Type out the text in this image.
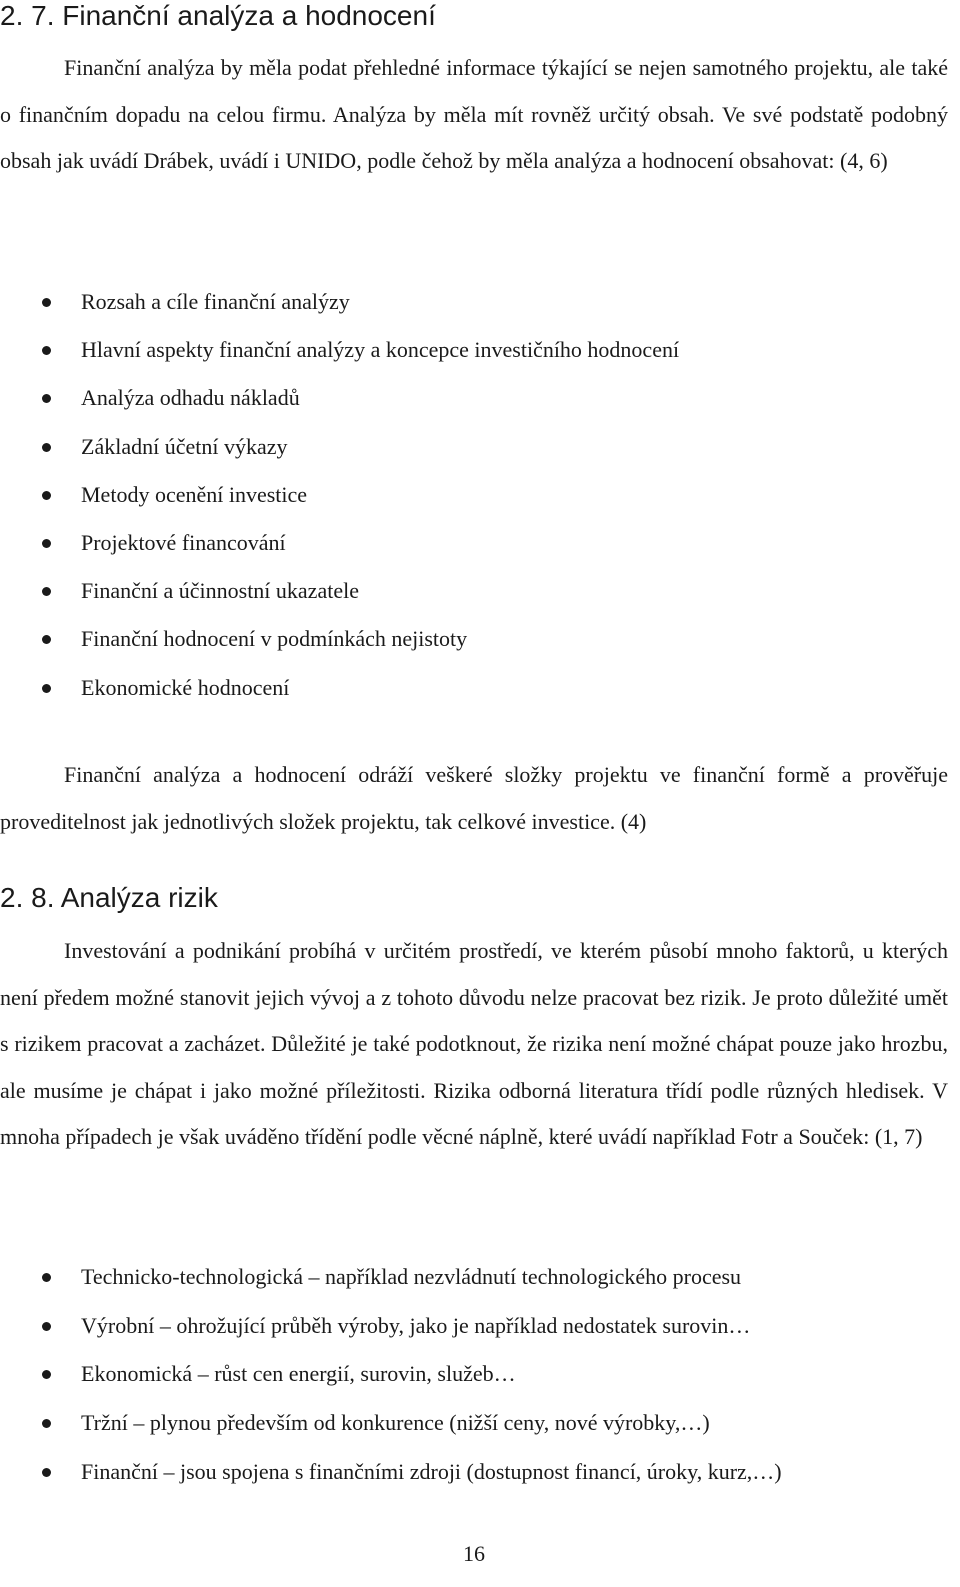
2. 7. Finanční analýza a hodnocení

Finanční analýza by měla podat přehledné informace týkající se nejen samotného projektu, ale také o finančním dopadu na celou firmu. Analýza by měla mít rovněž určitý obsah. Ve své podstatě podobný obsah jak uvádí Drábek, uvádí i UNIDO, podle čehož by měla analýza a hodnocení obsahovat: (4, 6)

Rozsah a cíle finanční analýzy
Hlavní aspekty finanční analýzy a koncepce investičního hodnocení
Analýza odhadu nákladů
Základní účetní výkazy
Metody ocenění investice
Projektové financování
Finanční a účinnostní ukazatele
Finanční hodnocení v podmínkách nejistoty
Ekonomické hodnocení

Finanční analýza a hodnocení odráží veškeré složky projektu ve finanční formě a prověřuje proveditelnost jak jednotlivých složek projektu, tak celkové investice. (4)

2. 8. Analýza rizik

Investování a podnikání probíhá v určitém prostředí, ve kterém působí mnoho faktorů, u kterých není předem možné stanovit jejich vývoj a z tohoto důvodu nelze pracovat bez rizik. Je proto důležité umět s rizikem pracovat a zacházet. Důležité je také podotknout, že rizika není možné chápat pouze jako hrozbu, ale musíme je chápat i jako možné příležitosti. Rizika odborná literatura třídí podle různých hledisek. V mnoha případech je však uváděno třídění podle věcné náplně, které uvádí například Fotr a Souček: (1, 7)

Technicko-technologická – například nezvládnutí technologického procesu
Výrobní – ohrožující průběh výroby, jako je například nedostatek surovin…
Ekonomická – růst cen energií, surovin, služeb…
Tržní – plynou především od konkurence (nižší ceny, nové výrobky,…)
Finanční – jsou spojena s finančními zdroji (dostupnost financí, úroky, kurz,…)
16
